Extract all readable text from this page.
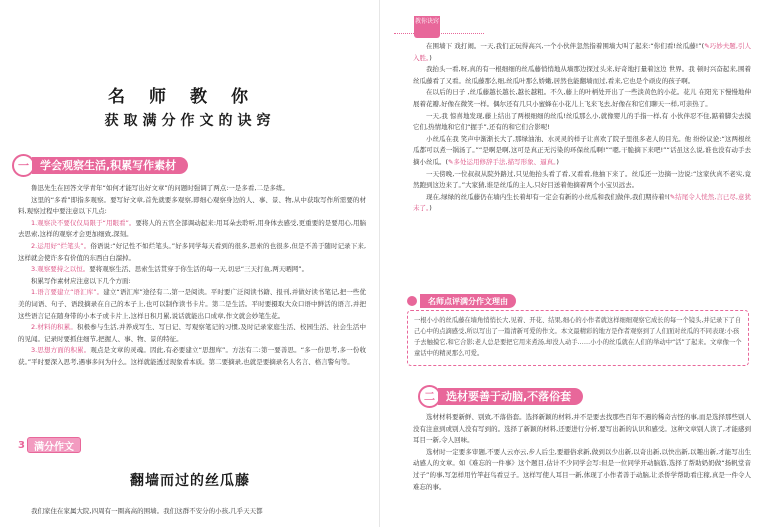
名师教你
获取满分作文的诀窍
一	学会观察生活,积累写作素材

鲁迅先生在回答文学青年“如何才能写出好文章”的问题时强调了两点:一是多看,二是多练。

这里的“多看”即指多观察。要写好文章,首先就要多观察,即细心观察身边的人、事、景、物,从中获取写作所需要的材料,观察过程中要注意以下几点:

1.观察决不要仅仅局限于“用眼看”。要将人的五官全部调动起来:用耳朵去聆听,用身体去感受,更重要的是要用心,用脑去思索,这样的观察才会更加细致,深刻。

2.运用好“烂笔头”。俗语说:“好记性不如烂笔头。”好多同学每天看到的很多,思索的也很多,但是不善于随时记录下来,这样就会使许多有价值的东西白白溜掉。

3.观察要持之以恒。要将观察生活、思索生活贯穿于你生活的每一天,切忌“三天打鱼,两天晒网”。

积累写作素材应注意以下几个方面:

1.语言要建立“语汇库”。建立“语汇库”途径有二,第一是阅读。平时要广泛阅读书籍、报刊,并做好读书笔记,把一些优美的词语、句子、语段摘录在自己的本子上,也可以制作读书卡片。第二是生活。平时要摄取大众口语中鲜活的语言,并把这些语言记在随身带的小本子或卡片上,这样日积月累,说话就能出口成章,作文就会妙笔生花。

2.材料的积累。积极参与生活,并养成写生、写日记、写观察笔记的习惯,及时记录家庭生活、校园生活、社会生活中的见闻。记录时要抓住细节,把握人、事、物、景的特征。

3.思想方面的积累。观点是文章的灵魂。因此,有必要建立“思想库”。方法有二:第一要善思。“多一份思考,多一份收获。”平时要深入思考,遇事多问为什么。这样就能透过现象看本质。第二要摘录,也就是要摘录名人名言、格言警句等。

3 满分作文
翻墙而过的丝瓜藤

我们家住在家属大院,四周有一圈高高的围墙。我们这群不安分的小孩,几乎天天都

教你诀窍

在围墙下 戏打闹。一天,我们正玩得高兴,一个小伙伴忽然指着围墙大叫了起来:“你们看!丝瓜藤!”(✎巧妙夫题,引人入胜。)

我抬头一看,呀,真的有一根细细的丝瓜藤悄悄地从墙那边探过头来,好奇地打量着这边 世界。我 顿时兴奋起来,围着丝瓜藤看了又看。丝瓜藤那么细,丝瓜叶那么娇嫩,居然也能翻墙而过,看来,它也是个顽皮的孩子啊。

在以后的日子 ,丝瓜藤越长越长,越长越粗。不久,藤上的叶柄处开出了一些淡黄色的小花。花儿 在阳光下慢慢地伸展着花瓣,好像在微笑一样。偶尔还有几只小蜜蜂在小花儿上飞来飞去,好像在和它们聊天一样,可亲热了。

一天,我 惊喜地发现,藤上结出了两根细细的丝瓜!丝瓜那么小,就像婴儿的手指一样,有 小伙伴忍不住,踮着脚尖去摸它们,热情地和它们“握手”,还有的和它们合影呢!

小丝瓜在我 笑声中渐渐长大了,那绿油油、水灵灵的样子让喜欢了院子里很多老人的目光。他 纷纷议论:“这两根丝瓜都可以煮一锅汤了。”“是啊是啊,这可是真正无污染的环保丝瓜啊!”“嗯,干脆摘下来吧!”“话虽这么说,谁也没有动手去摘小丝瓜。(✎多处运用修辞手法,描写形象、逼真。)

一天傍晚,一位叔叔从院外路过,只见他抬头看了看,又看看,他抽下来了。丝瓜还一边摘一边说:“这家伙真不老实,竟然跑到这边来了。”大家猜,谁是丝瓜的主人,只好目送着他摘着两个小宝贝远去。

现在,绿绿的丝瓜藤仍在墙内生长着却有一定会有新的小丝瓜和我们做伴,我们期待着!(✎结尾令人恍然,言已尽,意犹未了。)

名师点评满分作文理由
一根小小的丝瓜藤在墙角悄悄长大,见着、开花、结果,细心的小作者就这样细细观察它成长的每一个镜头,并记录下了自己心中的点滴感受,所以写出了一篇清新可爱的作文。本文最精彩的地方是作者观察到了人们面对丝瓜的不同表现:小孩子去触摸它,和它合影;老人总是要把它用来煮汤,却没人动手……小小的丝瓜就在人们的举动中“活”了起来。文章像一个童话中的精灵那么可爱。
二	选材要善于动脑,不落俗套

选材材料要新鲜、别致,不落俗套。选择新颖的材料,并不是要去找那些百年不遇的稀奇古怪的事,而是选择那些别人没有注意到或别人没有写到的。选择了新颖的材料,还要进行分析,要写出新的认识和感受。这种文章别人读了,才能感到耳目一新,令人回味。

选材时一定要多审题,不要人云亦云,步人后尘,要避俗求新,做到以少出新,以奇出新,以快出新,以趣出新,才能写出生动感人的文章。如《难忘的一件事》这个题目,估计不少同学会写:但是一位同学开动脑筋,选择了帮助奶奶做“扬帆堂音过子”的事,写怎样用竹竿赶鸟看豆子。这样写使人耳目一新,体现了小作者善于动脑,让杀侨学帮助看庄稼,真是一件令人难忘的事。
